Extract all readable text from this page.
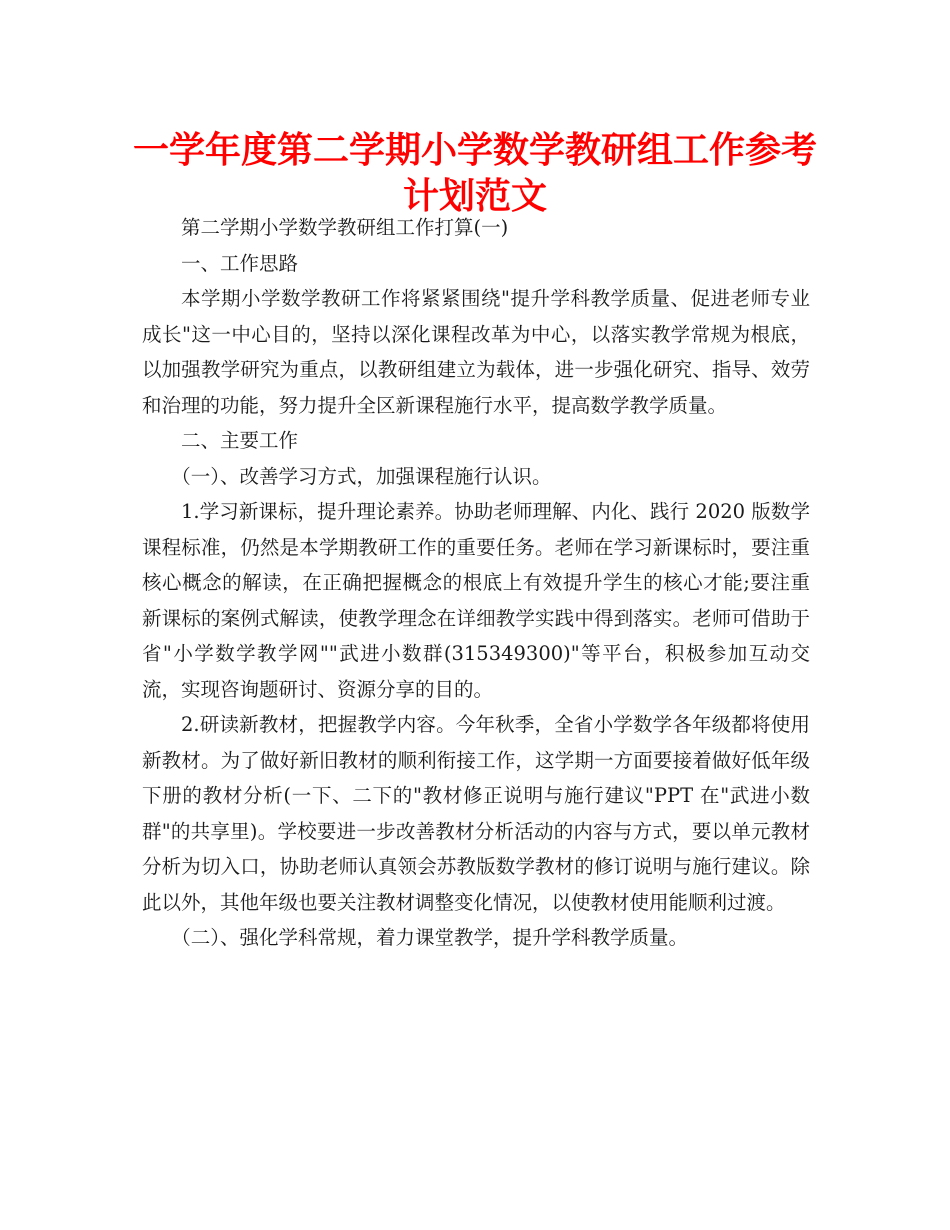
一学年度第二学期小学数学教研组工作参考计划范文

第二学期小学数学教研组工作打算(一)

一、工作思路

本学期小学数学教研工作将紧紧围绕"提升学科教学质量、促进老师专业成长"这一中心目的，坚持以深化课程改革为中心，以落实教学常规为根底，以加强教学研究为重点，以教研组建立为载体，进一步强化研究、指导、效劳和治理的功能，努力提升全区新课程施行水平，提高数学教学质量。

二、主要工作

（一）、改善学习方式，加强课程施行认识。

1.学习新课标，提升理论素养。协助老师理解、内化、践行 2020 版数学课程标准，仍然是本学期教研工作的重要任务。老师在学习新课标时，要注重核心概念的解读，在正确把握概念的根底上有效提升学生的核心才能;要注重新课标的案例式解读，使教学理念在详细教学实践中得到落实。老师可借助于省"小学数学教学网""武进小数群(315349300)"等平台，积极参加互动交流，实现咨询题研讨、资源分享的目的。

2.研读新教材，把握教学内容。今年秋季，全省小学数学各年级都将使用新教材。为了做好新旧教材的顺利衔接工作，这学期一方面要接着做好低年级下册的教材分析(一下、二下的"教材修正说明与施行建议"PPT 在"武进小数群"的共享里)。学校要进一步改善教材分析活动的内容与方式，要以单元教材分析为切入口，协助老师认真领会苏教版数学教材的修订说明与施行建议。除此以外，其他年级也要关注教材调整变化情况，以使教材使用能顺利过渡。

（二）、强化学科常规，着力课堂教学，提升学科教学质量。
